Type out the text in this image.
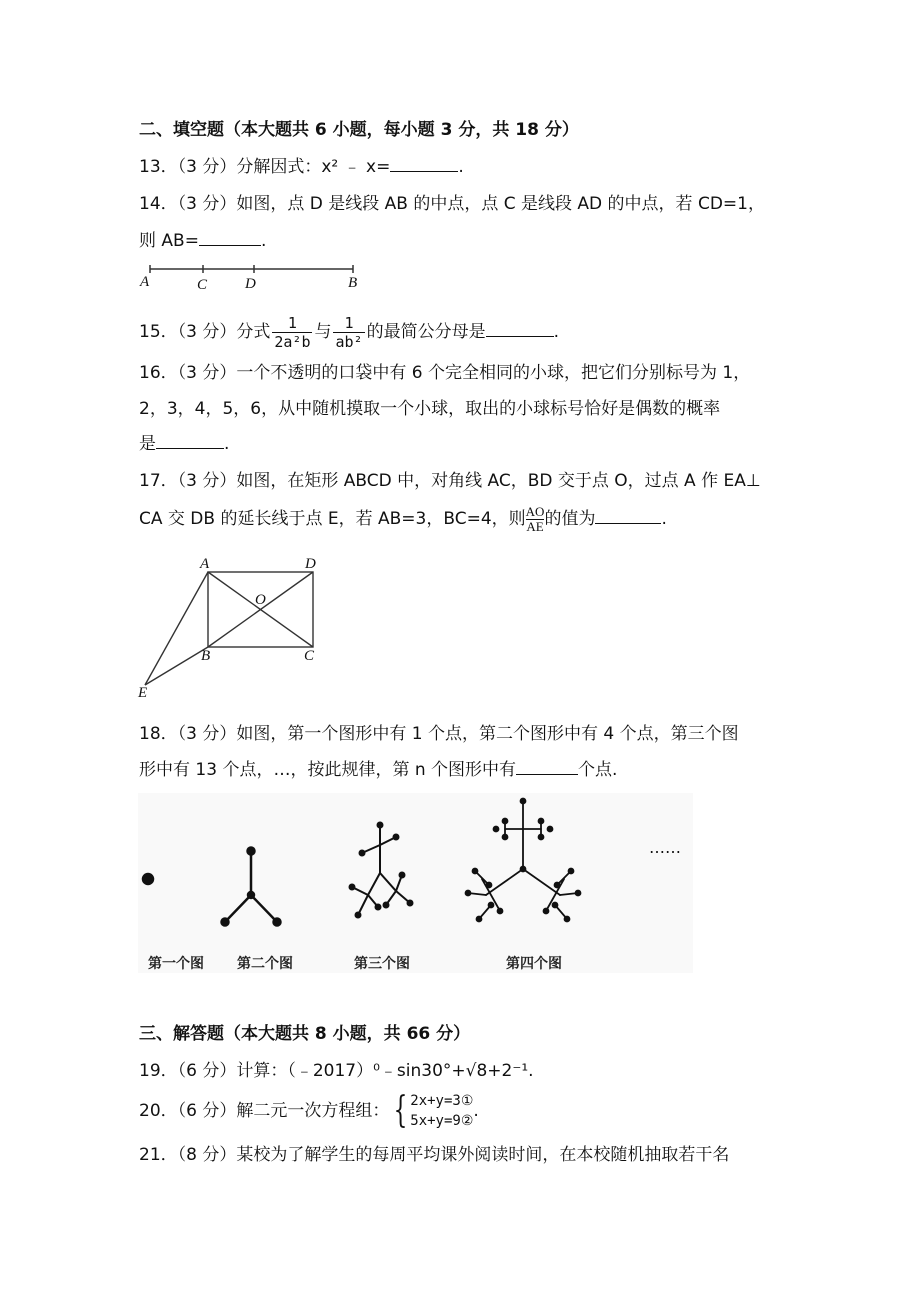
二、填空题（本大题共 6 小题，每小题 3 分，共 18 分）
13．（3 分）分解因式：x² ﹣ x=	.
14．（3 分）如图，点 D 是线段 AB 的中点，点 C 是线段 AD 的中点，若 CD=1，
则 AB=	.
A	C	D	B
15．（3 分）分式 $\frac{1}{\text{2a²b}}$ 与 $\frac{1}{\text{ab²}}$ 的最简公分母是	.
16．（3 分）一个不透明的口袋中有 6 个完全相同的小球，把它们分别标号为 1，
2，3，4，5，6，从中随机摸取一个小球，取出的小球标号恰好是偶数的概率
是	.
17．（3 分）如图，在矩形 ABCD 中，对角线 AC，BD 交于点 O，过点 A 作 EA⊥
CA 交 DB 的延长线于点 E，若 AB=3，BC=4，则 $\frac{AO}{AE}$的值为	.
A	D
O
B	C
E
18．（3 分）如图，第一个图形中有 1 个点，第二个图形中有 4 个点，第三个图
形中有 13 个点，…，按此规律，第 n 个图形中有	个点.
……
第一个图 第二个图	第三个图	第四个图
三、解答题（本大题共 8 小题，共 66 分）
19．（6 分）计算：（﹣2017）⁰﹣sin30°+√8+2⁻¹.
20．（6 分）解二元一次方程组： { 2x+y=3①
5x+y=9② .
21．（8 分）某校为了解学生的每周平均课外阅读时间，在本校随机抽取若干名
